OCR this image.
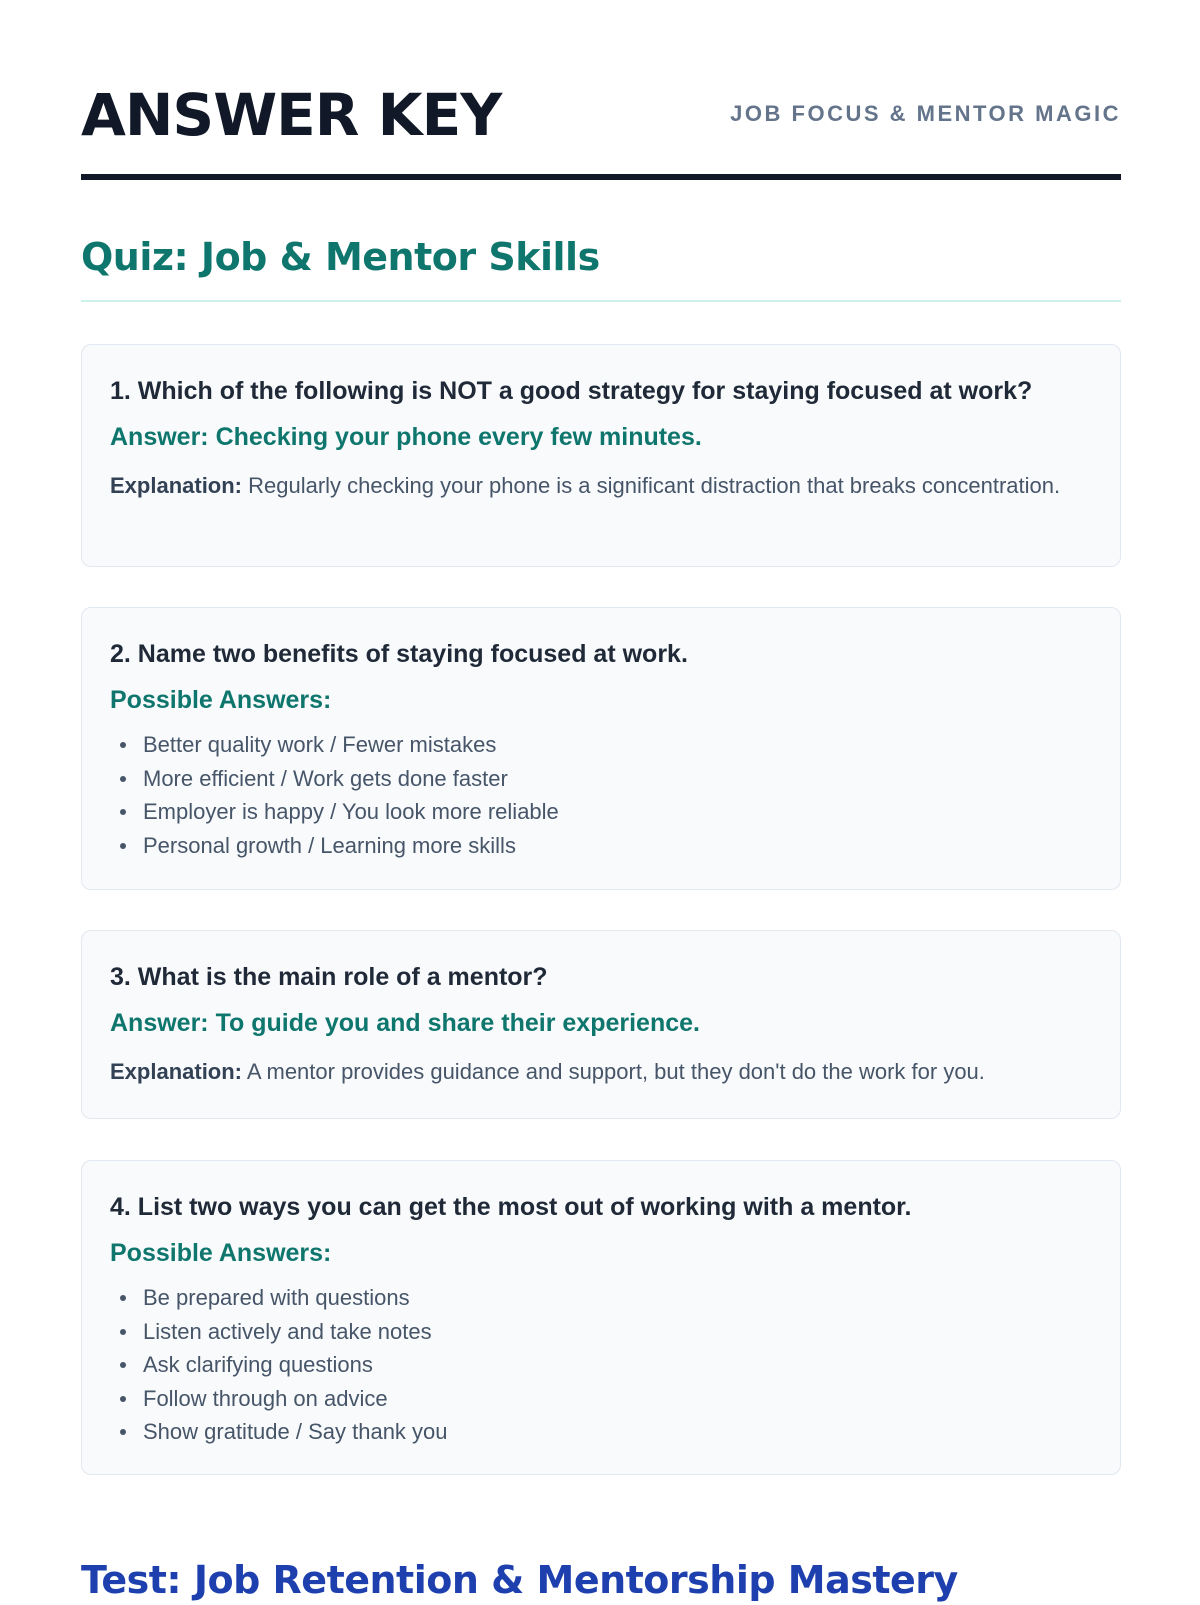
ANSWER KEY	JOB FOCUS & MENTOR MAGIC
Quiz: Job & Mentor Skills

1. Which of the following is NOT a good strategy for staying focused at work?

Answer: Checking your phone every few minutes.

Explanation: Regularly checking your phone is a significant distraction that breaks concentration.

2. Name two benefits of staying focused at work.

Possible Answers:

Better quality work / Fewer mistakes
More efficient / Work gets done faster
Employer is happy / You look more reliable
Personal growth / Learning more skills

3. What is the main role of a mentor?

Answer: To guide you and share their experience.

Explanation: A mentor provides guidance and support, but they don't do the work for you.

4. List two ways you can get the most out of working with a mentor.

Possible Answers:

Be prepared with questions
Listen actively and take notes
Ask clarifying questions
Follow through on advice
Show gratitude / Say thank you
Test: Job Retention & Mentorship Mastery
